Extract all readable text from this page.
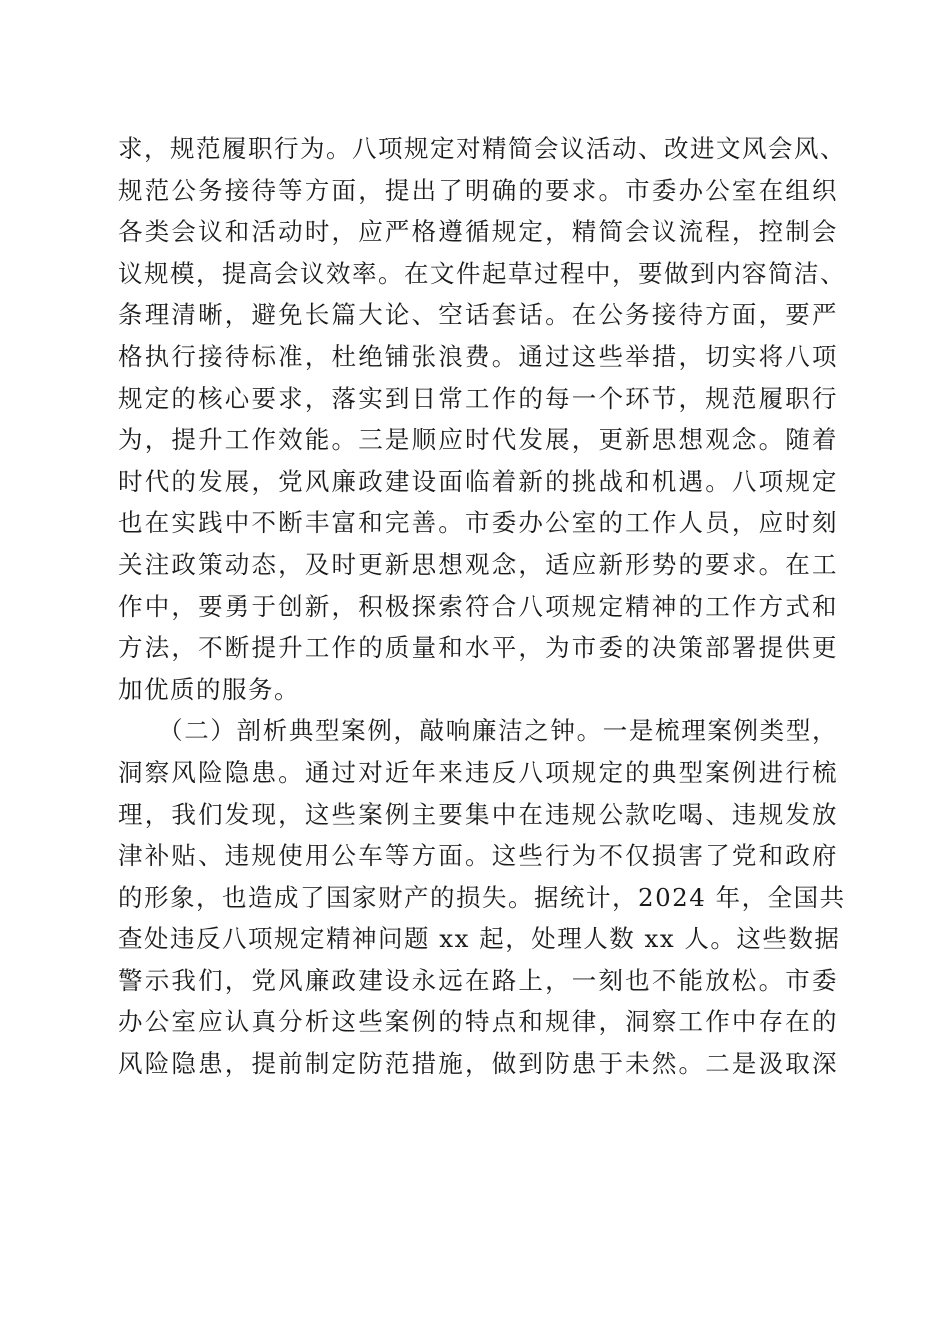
求，规范履职行为。八项规定对精简会议活动、改进文风会风、
规范公务接待等方面，提出了明确的要求。市委办公室在组织
各类会议和活动时，应严格遵循规定，精简会议流程，控制会
议规模，提高会议效率。在文件起草过程中，要做到内容简洁、
条理清晰，避免长篇大论、空话套话。在公务接待方面，要严
格执行接待标准，杜绝铺张浪费。通过这些举措，切实将八项
规定的核心要求，落实到日常工作的每一个环节，规范履职行
为，提升工作效能。三是顺应时代发展，更新思想观念。随着
时代的发展，党风廉政建设面临着新的挑战和机遇。八项规定
也在实践中不断丰富和完善。市委办公室的工作人员，应时刻
关注政策动态，及时更新思想观念，适应新形势的要求。在工
作中，要勇于创新，积极探索符合八项规定精神的工作方式和
方法，不断提升工作的质量和水平，为市委的决策部署提供更
加优质的服务。
　　（二）剖析典型案例，敲响廉洁之钟。一是梳理案例类型，
洞察风险隐患。通过对近年来违反八项规定的典型案例进行梳
理，我们发现，这些案例主要集中在违规公款吃喝、违规发放
津补贴、违规使用公车等方面。这些行为不仅损害了党和政府
的形象，也造成了国家财产的损失。据统计，2024 年，全国共
查处违反八项规定精神问题 xx 起，处理人数 xx 人。这些数据
警示我们，党风廉政建设永远在路上，一刻也不能放松。市委
办公室应认真分析这些案例的特点和规律，洞察工作中存在的
风险隐患，提前制定防范措施，做到防患于未然。二是汲取深
